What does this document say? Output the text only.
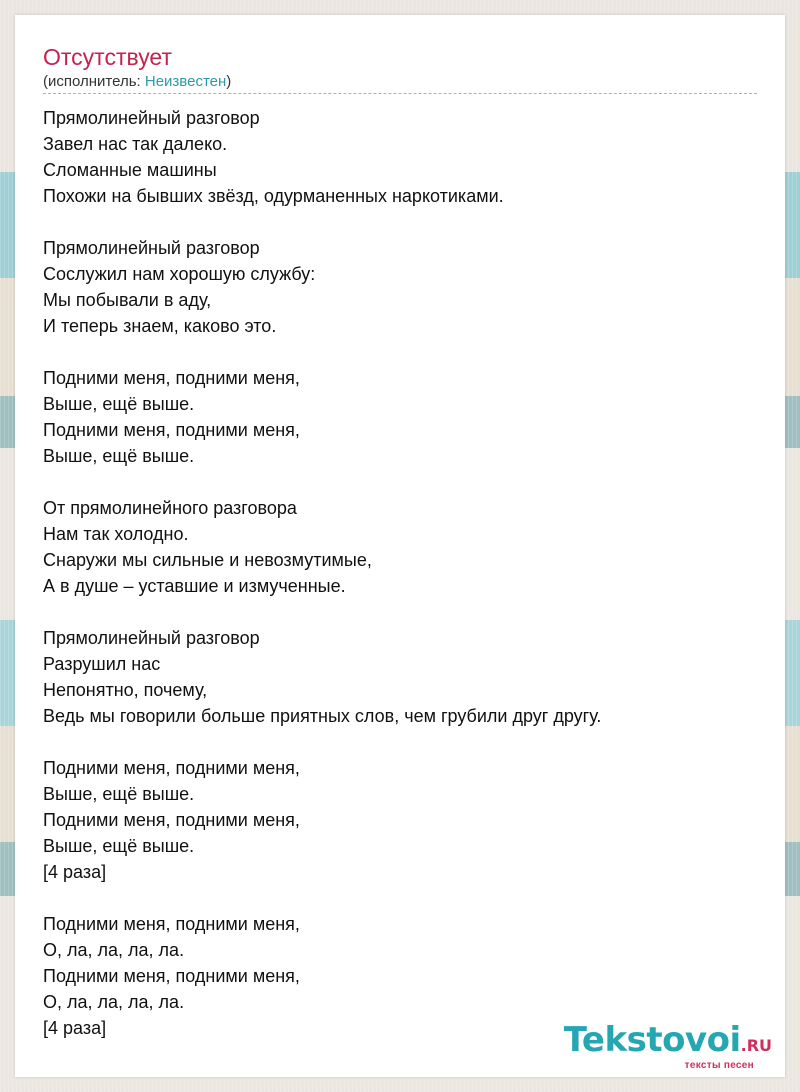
Отсутствует
(исполнитель: Неизвестен)
Прямолинейный разговор
Завел нас так далеко.
Сломанные машины
Похожи на бывших звёзд, одурманенных наркотиками.
Прямолинейный разговор
Сослужил нам хорошую службу:
Мы побывали в аду,
И теперь знаем, каково это.
Подними меня, подними меня,
Выше, ещё выше.
Подними меня, подними меня,
Выше, ещё выше.
От прямолинейного разговора
Нам так холодно.
Снаружи мы сильные и невозмутимые,
А в душе – уставшие и измученные.
Прямолинейный разговор
Разрушил нас
Непонятно, почему,
Ведь мы говорили больше приятных слов, чем грубили друг другу.
Подними меня, подними меня,
Выше, ещё выше.
Подними меня, подними меня,
Выше, ещё выше.
[4 раза]
Подними меня, подними меня,
О, ла, ла, ла, ла.
Подними меня, подними меня,
О, ла, ла, ла, ла.
[4 раза]	Tekstovoi.RU
тексты песен
